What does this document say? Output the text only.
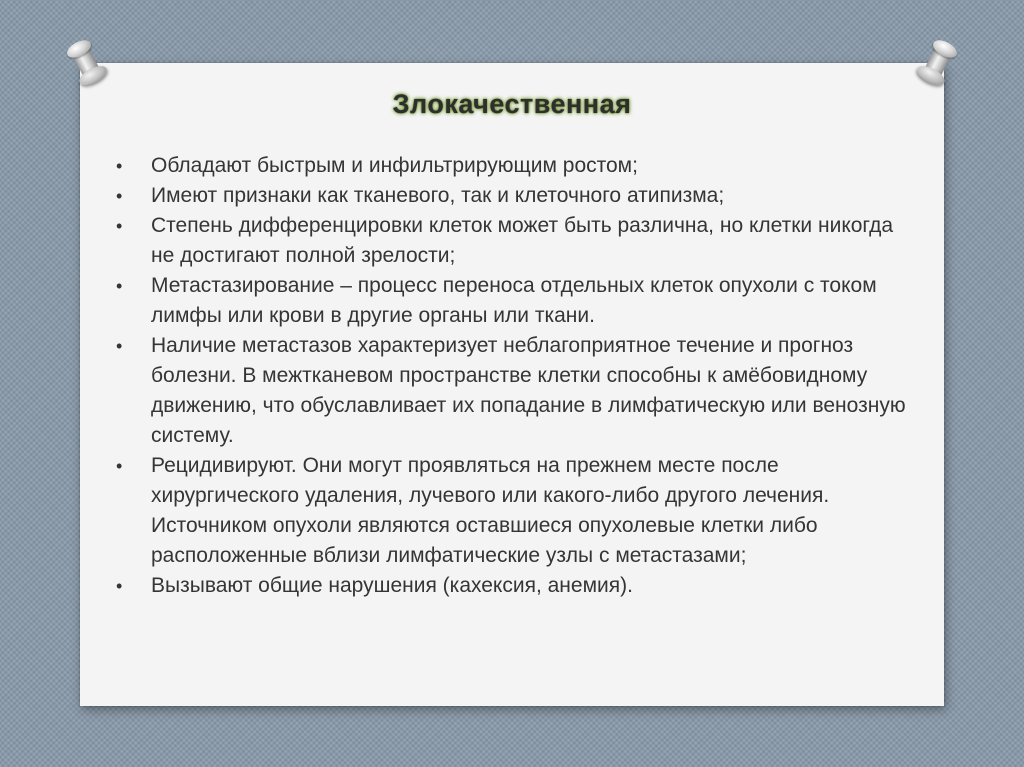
Злокачественная
• Обладают быстрым и инфильтрирующим ростом;
• Имеют признаки как тканевого, так и клеточного атипизма;
• Степень дифференцировки клеток может быть различна, но клетки никогда не достигают полной зрелости;
• Метастазирование – процесс переноса отдельных клеток опухоли с током лимфы или крови в другие органы или ткани.
• Наличие метастазов характеризует неблагоприятное течение и прогноз болезни. В межтканевом пространстве клетки способны к амёбовидному движению, что обуславливает их попадание в лимфатическую или венозную систему.
• Рецидивируют. Они могут проявляться на прежнем месте после хирургического удаления, лучевого или какого-либо другого лечения. Источником опухоли являются оставшиеся опухолевые клетки либо расположенные вблизи лимфатические узлы с метастазами;
• Вызывают общие нарушения (кахексия, анемия).
